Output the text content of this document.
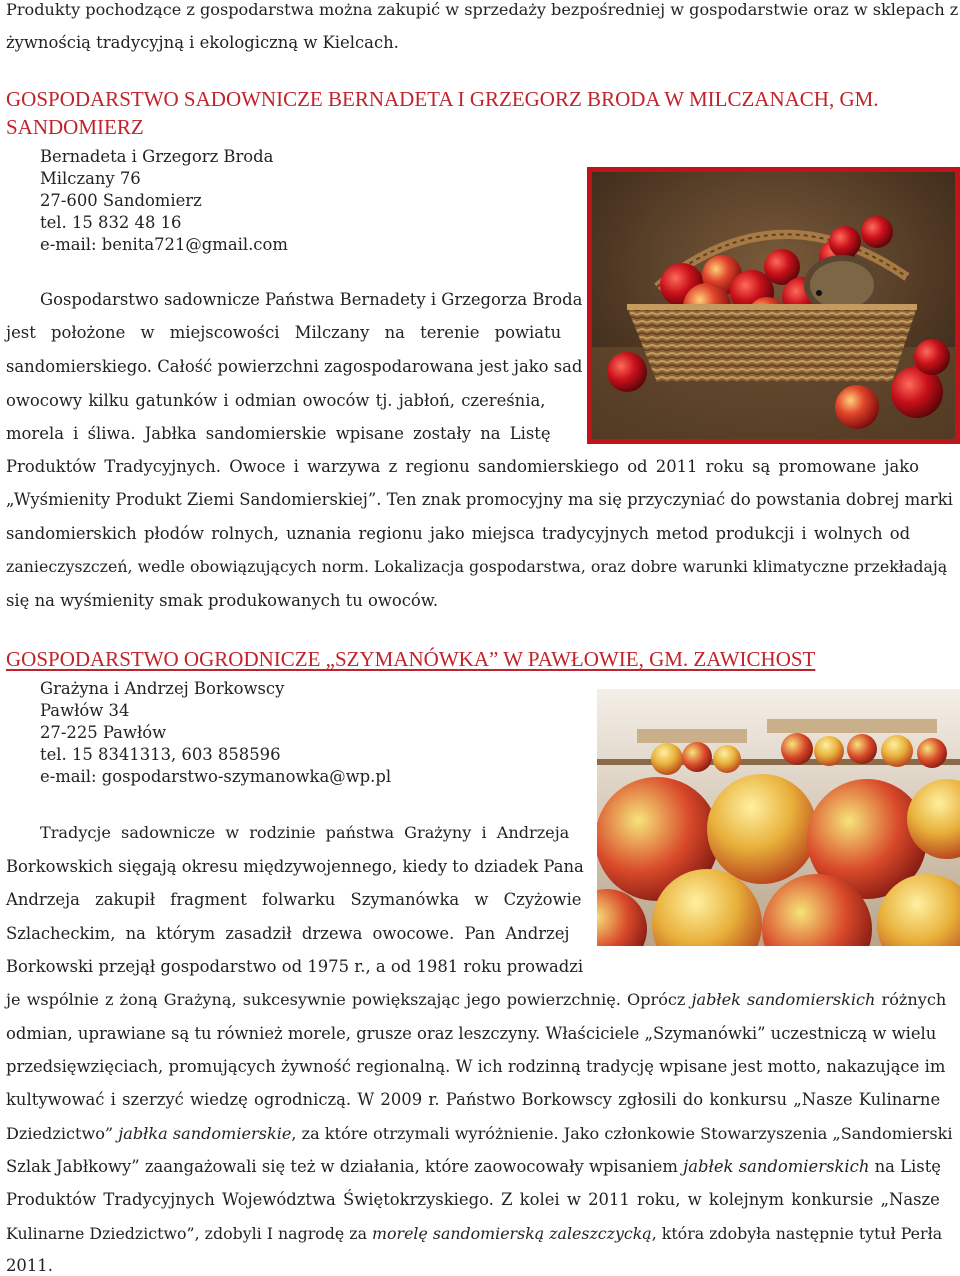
Produkty pochodzące z gospodarstwa można zakupić w sprzedaży bezpośredniej w gospodarstwie oraz w sklepach z
żywnością tradycyjną i ekologiczną w Kielcach.
GOSPODARSTWO SADOWNICZE BERNADETA I GRZEGORZ BRODA W MILCZANACH, GM.
SANDOMIERZ
Bernadeta i Grzegorz Broda
Milczany 76
27-600 Sandomierz
tel. 15 832 48 16
e-mail: benita721@gmail.com
Gospodarstwo sadownicze Państwa Bernadety i Grzegorza Broda
jest położone w miejscowości Milczany na terenie powiatu
sandomierskiego. Całość powierzchni zagospodarowana jest jako sad
owocowy kilku gatunków i odmian owoców tj. jabłoń, czereśnia,
morela i śliwa. Jabłka sandomierskie wpisane zostały na Listę
Produktów Tradycyjnych. Owoce i warzywa z regionu sandomierskiego od 2011 roku są promowane jako
„Wyśmienity Produkt Ziemi Sandomierskiej”. Ten znak promocyjny ma się przyczyniać do powstania dobrej marki
sandomierskich płodów rolnych, uznania regionu jako miejsca tradycyjnych metod produkcji i wolnych od
zanieczyszczeń, wedle obowiązujących norm. Lokalizacja gospodarstwa, oraz dobre warunki klimatyczne przekładają
się na wyśmienity smak produkowanych tu owoców.
GOSPODARSTWO OGRODNICZE „SZYMANÓWKA” W PAWŁOWIE, GM. ZAWICHOST
Grażyna i Andrzej Borkowscy
Pawłów 34
27-225 Pawłów
tel. 15 8341313, 603 858596
e-mail: gospodarstwo-szymanowka@wp.pl
Tradycje sadownicze w rodzinie państwa Grażyny i Andrzeja
Borkowskich sięgają okresu międzywojennego, kiedy to dziadek Pana
Andrzeja zakupił fragment folwarku Szymanówka w Czyżowie
Szlacheckim, na którym zasadził drzewa owocowe. Pan Andrzej
Borkowski przejął gospodarstwo od 1975 r., a od 1981 roku prowadzi
je wspólnie z żoną Grażyną, sukcesywnie powiększając jego powierzchnię. Oprócz jabłek sandomierskich różnych
odmian, uprawiane są tu również morele, grusze oraz leszczyny. Właściciele „Szymanówki” uczestniczą w wielu
przedsięwzięciach, promujących żywność regionalną. W ich rodzinną tradycję wpisane jest motto, nakazujące im
kultywować i szerzyć wiedzę ogrodniczą. W 2009 r. Państwo Borkowscy zgłosili do konkursu „Nasze Kulinarne
Dziedzictwo” jabłka sandomierskie, za które otrzymali wyróżnienie. Jako członkowie Stowarzyszenia „Sandomierski
Szlak Jabłkowy” zaangażowali się też w działania, które zaowocowały wpisaniem jabłek sandomierskich na Listę
Produktów Tradycyjnych Województwa Świętokrzyskiego. Z kolei w 2011 roku, w kolejnym konkursie „Nasze
Kulinarne Dziedzictwo”, zdobyli I nagrodę za morelę sandomierską zaleszczycką, która zdobyła następnie tytuł Perła
2011.
